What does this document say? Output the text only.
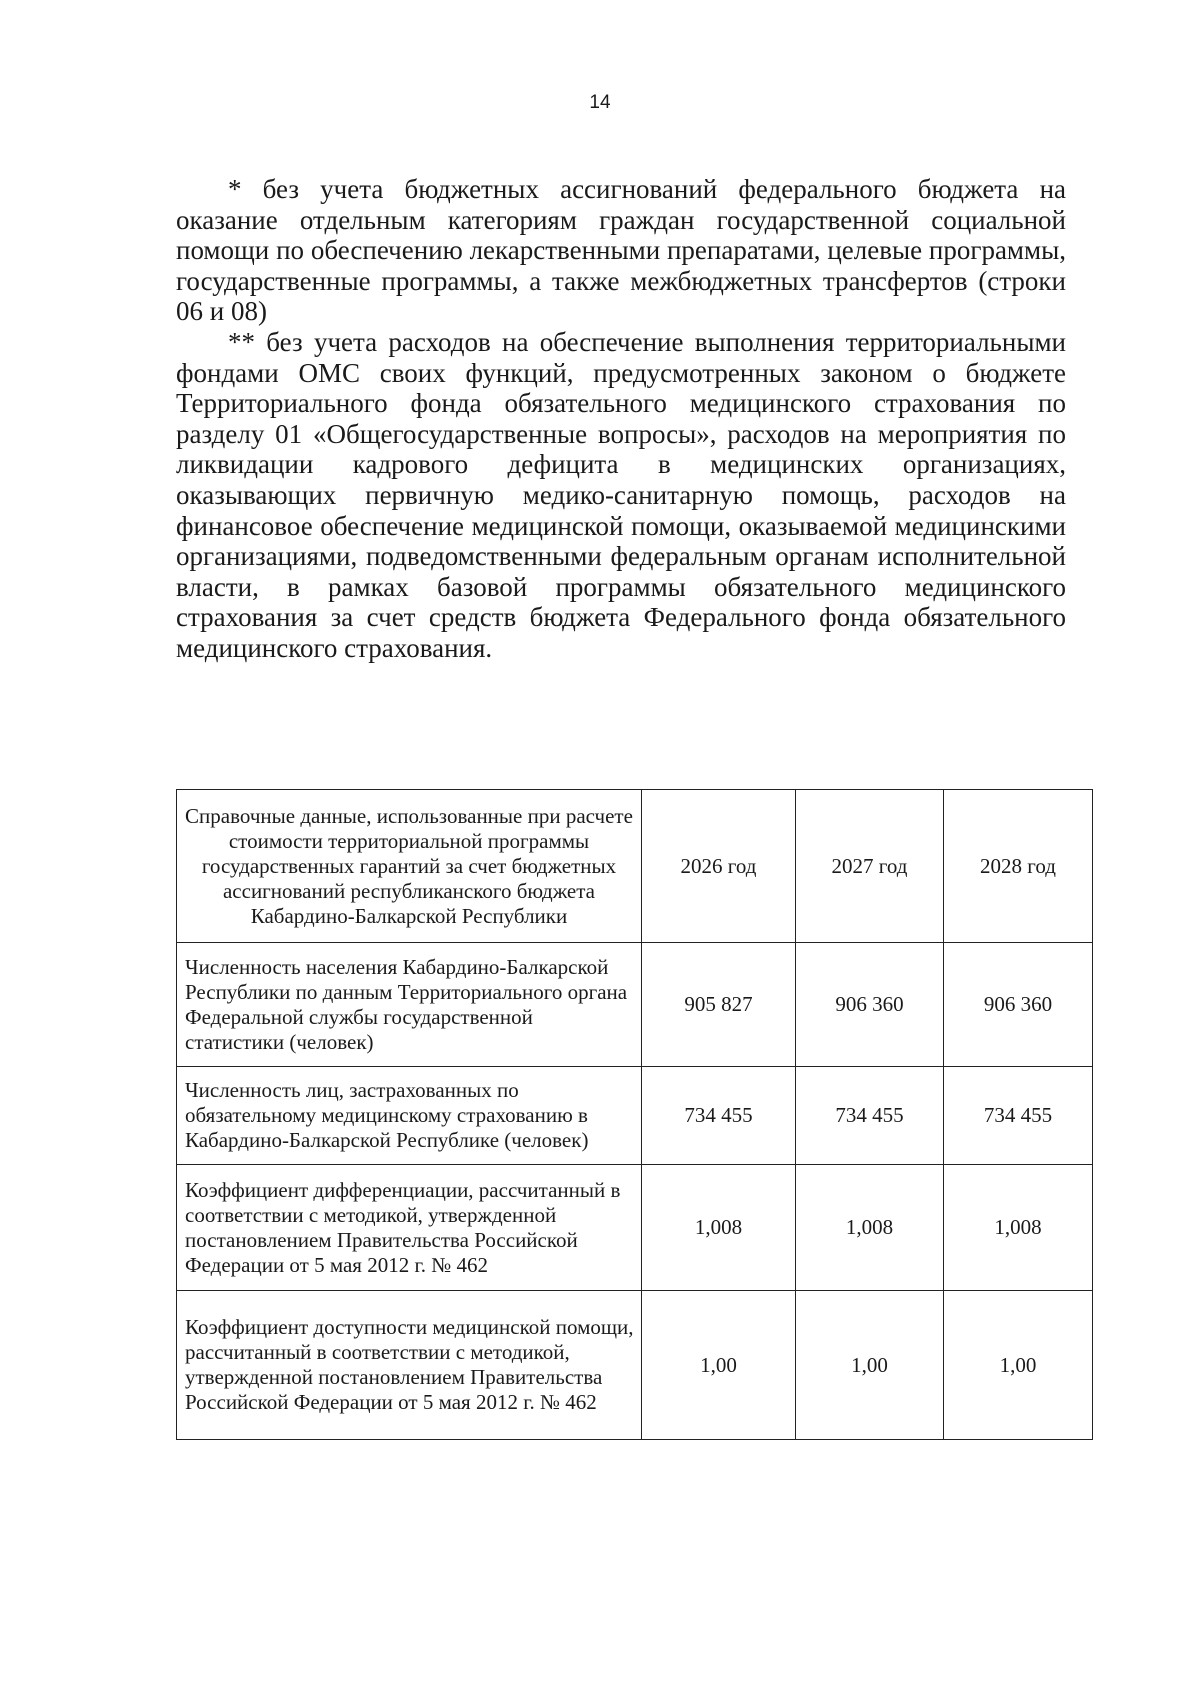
14

* без учета бюджетных ассигнований федерального бюджета на оказание отдельным категориям граждан государственной социальной помощи по обеспечению лекарственными препаратами, целевые программы, государственные программы, а также межбюджетных трансфертов (строки 06 и 08)

** без учета расходов на обеспечение выполнения территориальными фондами ОМС своих функций, предусмотренных законом о бюджете Территориального фонда обязательного медицинского страхования по разделу 01 «Общегосударственные вопросы», расходов на мероприятия по ликвидации кадрового дефицита в медицинских организациях, оказывающих первичную медико-санитарную помощь, расходов на финансовое обеспечение медицинской помощи, оказываемой медицинскими организациями, подведомственными федеральным органам исполнительной власти, в рамках базовой программы обязательного медицинского страхования за счет средств бюджета Федерального фонда обязательного медицинского страхования.

Справочные данные, использованные при расчете стоимости территориальной программы государственных гарантий за счет бюджетных ассигнований республиканского бюджета Кабардино-Балкарской Республики	2026 год	2027 год	2028 год
Численность населения Кабардино-Балкарской Республики по данным Территориального органа Федеральной службы государственной статистики (человек)	905 827	906 360	906 360
Численность лиц, застрахованных по обязательному медицинскому страхованию в Кабардино-Балкарской Республике (человек)	734 455	734 455	734 455
Коэффициент дифференциации, рассчитанный в соответствии с методикой, утвержденной постановлением Правительства Российской Федерации от 5 мая 2012 г. № 462	1,008	1,008	1,008
Коэффициент доступности медицинской помощи, рассчитанный в соответствии с методикой, утвержденной постановлением Правительства Российской Федерации от 5 мая 2012 г. № 462	1,00	1,00	1,00
